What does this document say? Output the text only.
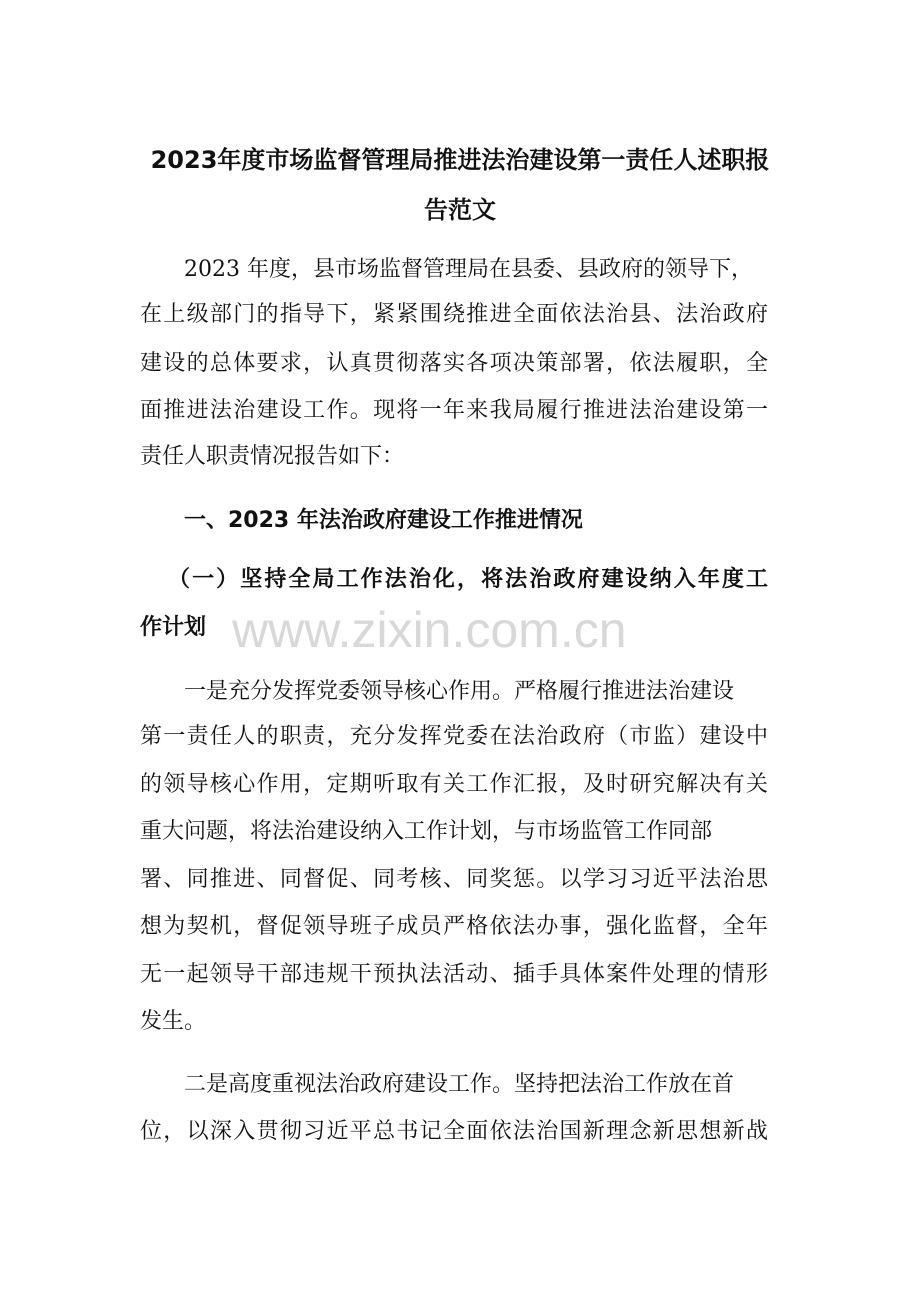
2023年度市场监督管理局推进法治建设第一责任人述职报
告范文
2023 年度，县市场监督管理局在县委、县政府的领导下，
在上级部门的指导下，紧紧围绕推进全面依法治县、法治政府
建设的总体要求，认真贯彻落实各项决策部署，依法履职，全
面推进法治建设工作。现将一年来我局履行推进法治建设第一
责任人职责情况报告如下：
一、2023 年法治政府建设工作推进情况
（一）坚持全局工作法治化，将法治政府建设纳入年度工
作计划
一是充分发挥党委领导核心作用。严格履行推进法治建设
第一责任人的职责，充分发挥党委在法治政府（市监）建设中
的领导核心作用，定期听取有关工作汇报，及时研究解决有关
重大问题，将法治建设纳入工作计划，与市场监管工作同部
署、同推进、同督促、同考核、同奖惩。以学习习近平法治思
想为契机，督促领导班子成员严格依法办事，强化监督，全年
无一起领导干部违规干预执法活动、插手具体案件处理的情形
发生。
二是高度重视法治政府建设工作。坚持把法治工作放在首
位，以深入贯彻习近平总书记全面依法治国新理念新思想新战
www.zixin.com.cn
